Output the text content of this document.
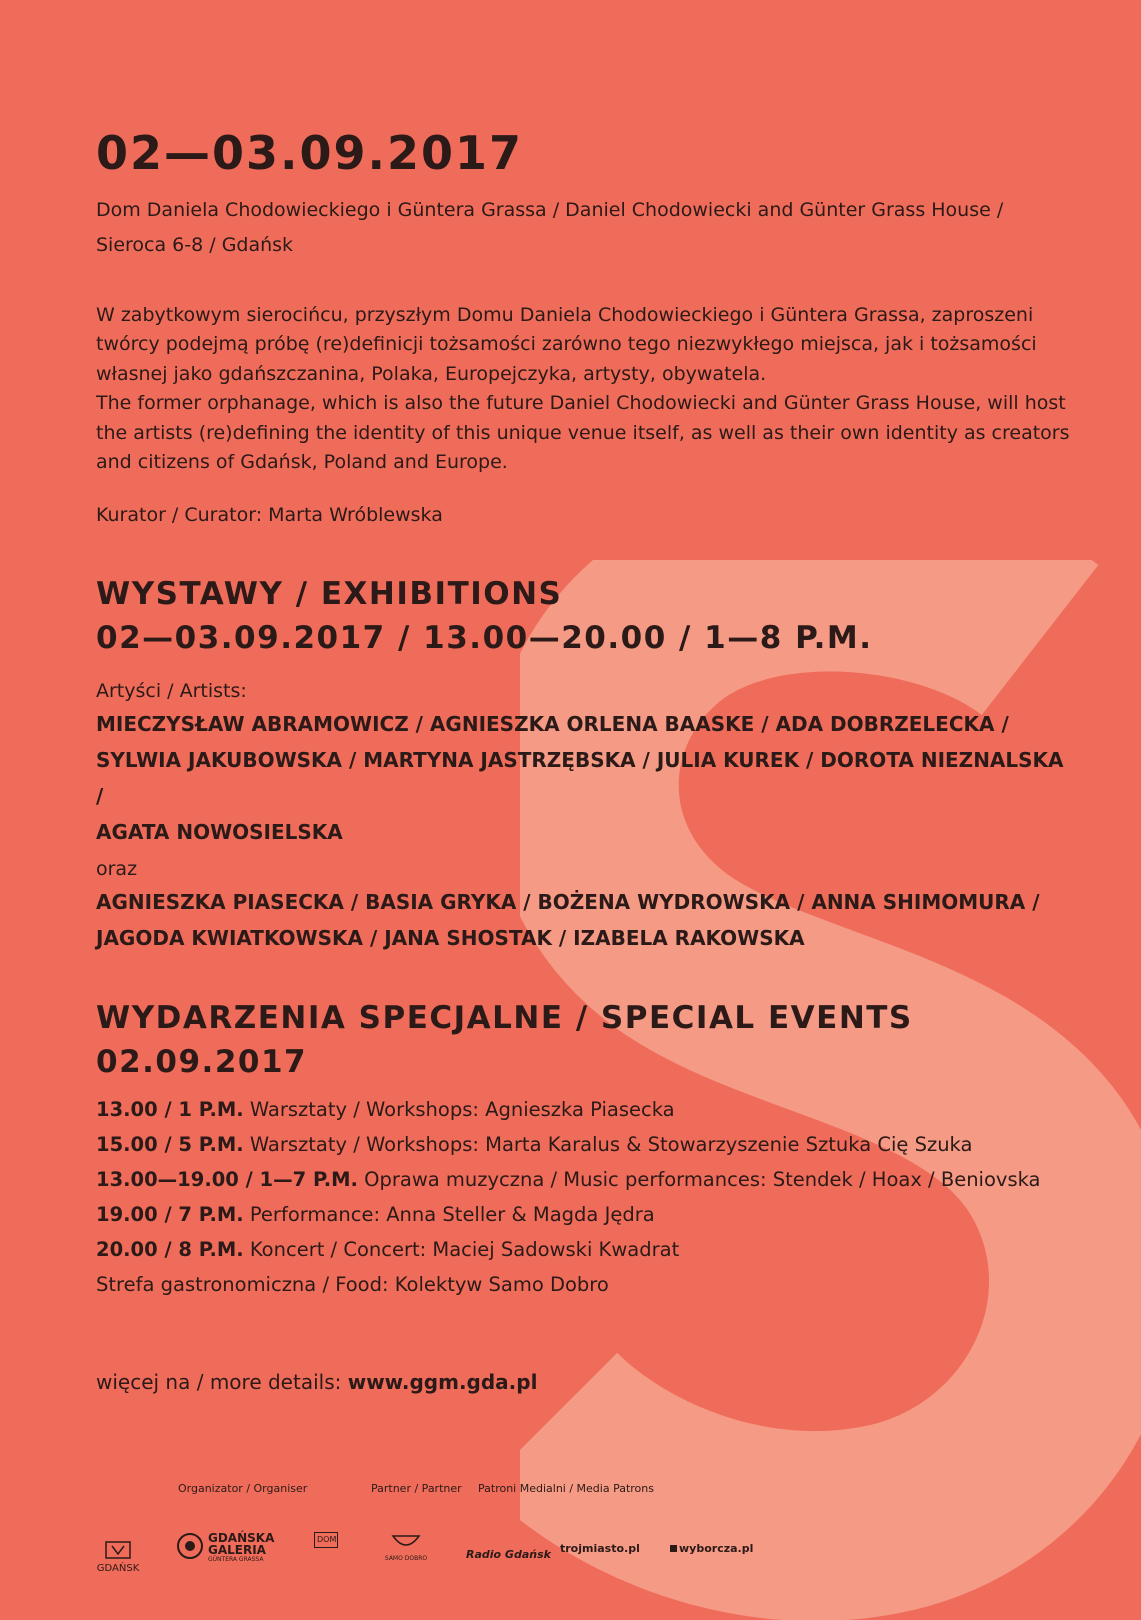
02—03.09.2017

Dom Daniela Chodowieckiego i Güntera Grassa / Daniel Chodowiecki and Günter Grass House /

Sieroca 6-8 / Gdańsk

W zabytkowym sierocińcu, przyszłym Domu Daniela Chodowieckiego i Güntera Grassa, zaproszeni twórcy podejmą próbę (re)definicji tożsamości zarówno tego niezwykłego miejsca, jak i tożsamości własnej jako gdańszczanina, Polaka, Europejczyka, artysty, obywatela.

The former orphanage, which is also the future Daniel Chodowiecki and Günter Grass House, will host the artists (re)defining the identity of this unique venue itself, as well as their own identity as creators and citizens of Gdańsk, Poland and Europe.

Kurator / Curator: Marta Wróblewska

WYSTAWY / EXHIBITIONS
02—03.09.2017 / 13.00—20.00 / 1—8 P.M.

Artyści / Artists:

MIECZYSŁAW ABRAMOWICZ / AGNIESZKA ORLENA BAASKE / ADA DOBRZELECKA /
SYLWIA JAKUBOWSKA / MARTYNA JASTRZĘBSKA / JULIA KUREK / DOROTA NIEZNALSKA /
AGATA NOWOSIELSKA

oraz

AGNIESZKA PIASECKA / BASIA GRYKA / BOŻENA WYDROWSKA / ANNA SHIMOMURA /
JAGODA KWIATKOWSKA / JANA SHOSTAK / IZABELA RAKOWSKA
WYDARZENIA SPECJALNE / SPECIAL EVENTS
02.09.2017
13.00 / 1 P.M. Warsztaty / Workshops: Agnieszka Piasecka
15.00 / 5 P.M. Warsztaty / Workshops: Marta Karalus & Stowarzyszenie Sztuka Cię Szuka
13.00—19.00 / 1—7 P.M. Oprawa muzyczna / Music performances: Stendek / Hoax / Beniovska
19.00 / 7 P.M. Performance: Anna Steller & Magda Jędra
20.00 / 8 P.M. Koncert / Concert: Maciej Sadowski Kwadrat
Strefa gastronomiczna / Food: Kolektyw Samo Dobro

więcej na / more details: www.ggm.gda.pl

Organizator / Organiser	Partner / Partner Patroni Medialni / Media Patrons
GDAŃSK
GDAŃSKA
GALERIA
GÜNTERA GRASSA
DOM
SAMO DOBRO	Radio Gdańsk trojmiasto.pl	wyborcza.pl
